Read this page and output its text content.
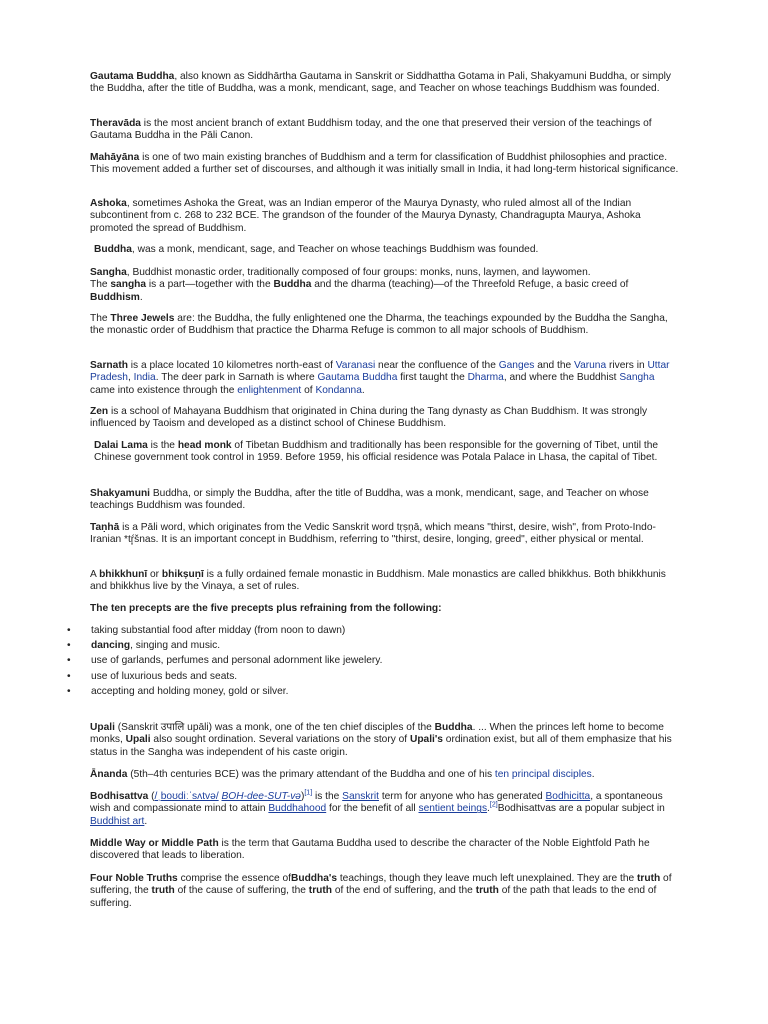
Gautama Buddha, also known as Siddhārtha Gautama in Sanskrit or Siddhattha Gotama in Pali, Shakyamuni Buddha, or simply the Buddha, after the title of Buddha, was a monk, mendicant, sage, and Teacher on whose teachings Buddhism was founded.

Theravāda is the most ancient branch of extant Buddhism today, and the one that preserved their version of the teachings of Gautama Buddha in the Pāli Canon.

Mahāyāna is one of two main existing branches of Buddhism and a term for classification of Buddhist philosophies and practice. This movement added a further set of discourses, and although it was initially small in India, it had long-term historical significance.

Ashoka, sometimes Ashoka the Great, was an Indian emperor of the Maurya Dynasty, who ruled almost all of the Indian subcontinent from c. 268 to 232 BCE. The grandson of the founder of the Maurya Dynasty, Chandragupta Maurya, Ashoka promoted the spread of Buddhism.

Buddha, was a monk, mendicant, sage, and Teacher on whose teachings Buddhism was founded.

Sangha, Buddhist monastic order, traditionally composed of four groups: monks, nuns, laymen, and laywomen.
The sangha is a part—together with the Buddha and the dharma (teaching)—of the Threefold Refuge, a basic creed of Buddhism.

The Three Jewels are: the Buddha, the fully enlightened one the Dharma, the teachings expounded by the Buddha the Sangha, the monastic order of Buddhism that practice the Dharma Refuge is common to all major schools of Buddhism.

Sarnath is a place located 10 kilometres north-east of Varanasi near the confluence of the Ganges and the Varuna rivers in Uttar Pradesh, India. The deer park in Sarnath is where Gautama Buddha first taught the Dharma, and where the Buddhist Sangha came into existence through the enlightenment of Kondanna.

Zen is a school of Mahayana Buddhism that originated in China during the Tang dynasty as Chan Buddhism. It was strongly influenced by Taoism and developed as a distinct school of Chinese Buddhism.

Dalai Lama is the head monk of Tibetan Buddhism and traditionally has been responsible for the governing of Tibet, until the Chinese government took control in 1959. Before 1959, his official residence was Potala Palace in Lhasa, the capital of Tibet.

Shakyamuni Buddha, or simply the Buddha, after the title of Buddha, was a monk, mendicant, sage, and Teacher on whose teachings Buddhism was founded.

Taṇhā is a Pāli word, which originates from the Vedic Sanskrit word tṛṣṇā, which means "thirst, desire, wish", from Proto-Indo-Iranian *tŕ̥šnas. It is an important concept in Buddhism, referring to "thirst, desire, longing, greed", either physical or mental.

A bhikkhunī or bhikṣuṇī is a fully ordained female monastic in Buddhism. Male monastics are called bhikkhus. Both bhikkhunis and bhikkhus live by the Vinaya, a set of rules.

The ten precepts are the five precepts plus refraining from the following:

• taking substantial food after midday (from noon to dawn)
• dancing, singing and music.
• use of garlands, perfumes and personal adornment like jewelery.
• use of luxurious beds and seats.
• accepting and holding money, gold or silver.

Upali (Sanskrit उपालि upāli) was a monk, one of the ten chief disciples of the Buddha. ... When the princes left home to become monks, Upali also sought ordination. Several variations on the story of Upali's ordination exist, but all of them emphasize that his status in the Sangha was independent of his caste origin.

Ānanda (5th–4th centuries BCE) was the primary attendant of the Buddha and one of his ten principal disciples.

Bodhisattva (/ˌboʊdiːˈsʌtvə/ BOH-dee-SUT-və)[1] is the Sanskrit term for anyone who has generated Bodhicitta, a spontaneous wish and compassionate mind to attain Buddhahood for the benefit of all sentient beings.[2]Bodhisattvas are a popular subject in Buddhist art.

Middle Way or Middle Path is the term that Gautama Buddha used to describe the character of the Noble Eightfold Path he discovered that leads to liberation.

Four Noble Truths comprise the essence ofBuddha's teachings, though they leave much left unexplained. They are the truth of suffering, the truth of the cause of suffering, the truth of the end of suffering, and the truth of the path that leads to the end of suffering.
